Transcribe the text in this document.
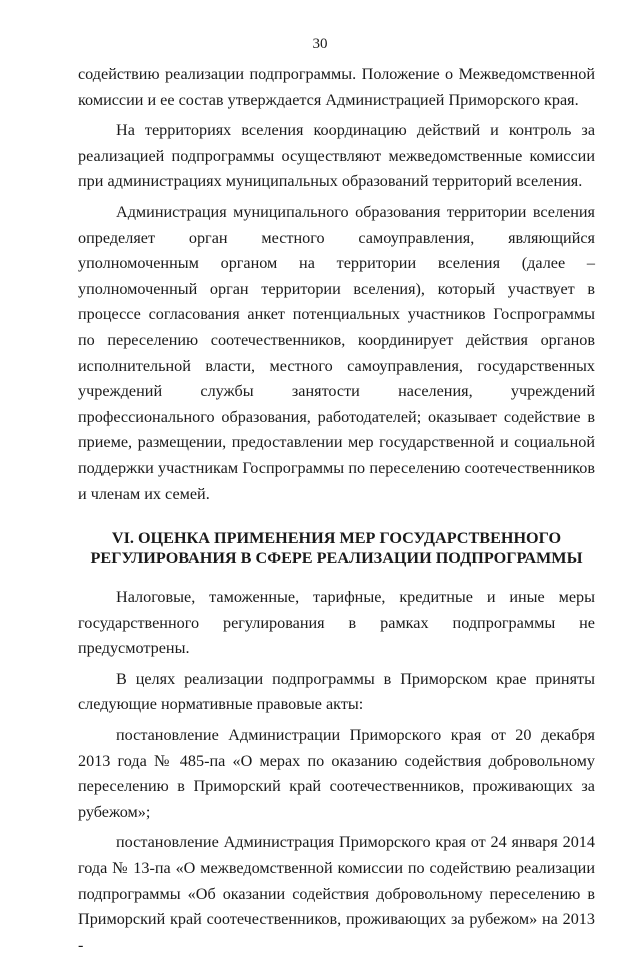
30

содействию реализации подпрограммы. Положение о Межведомственной комиссии и ее состав утверждается Администрацией Приморского края.

На территориях вселения координацию действий и контроль за реализацией подпрограммы осуществляют межведомственные комиссии при администрациях муниципальных образований территорий вселения.

Администрация муниципального образования территории вселения определяет орган местного самоуправления, являющийся уполномоченным органом на территории вселения (далее – уполномоченный орган территории вселения), который участвует в процессе согласования анкет потенциальных участников Госпрограммы по переселению соотечественников, координирует действия органов исполнительной власти, местного самоуправления, государственных учреждений службы занятости населения, учреждений профессионального образования, работодателей; оказывает содействие в приеме, размещении, предоставлении мер государственной и социальной поддержки участникам Госпрограммы по переселению соотечественников и членам их семей.

VI. ОЦЕНКА ПРИМЕНЕНИЯ МЕР ГОСУДАРСТВЕННОГО
РЕГУЛИРОВАНИЯ В СФЕРЕ РЕАЛИЗАЦИИ ПОДПРОГРАММЫ

Налоговые, таможенные, тарифные, кредитные и иные меры государственного регулирования в рамках подпрограммы не предусмотрены.

В целях реализации подпрограммы в Приморском крае приняты следующие нормативные правовые акты:

постановление Администрации Приморского края от 20 декабря 2013 года № 485-па «О мерах по оказанию содействия добровольному переселению в Приморский край соотечественников, проживающих за рубежом»;

постановление Администрация Приморского края от 24 января 2014 года № 13-па «О межведомственной комиссии по содействию реализации подпрограммы «Об оказании содействия добровольному переселению в Приморский край соотечественников, проживающих за рубежом» на 2013 -
